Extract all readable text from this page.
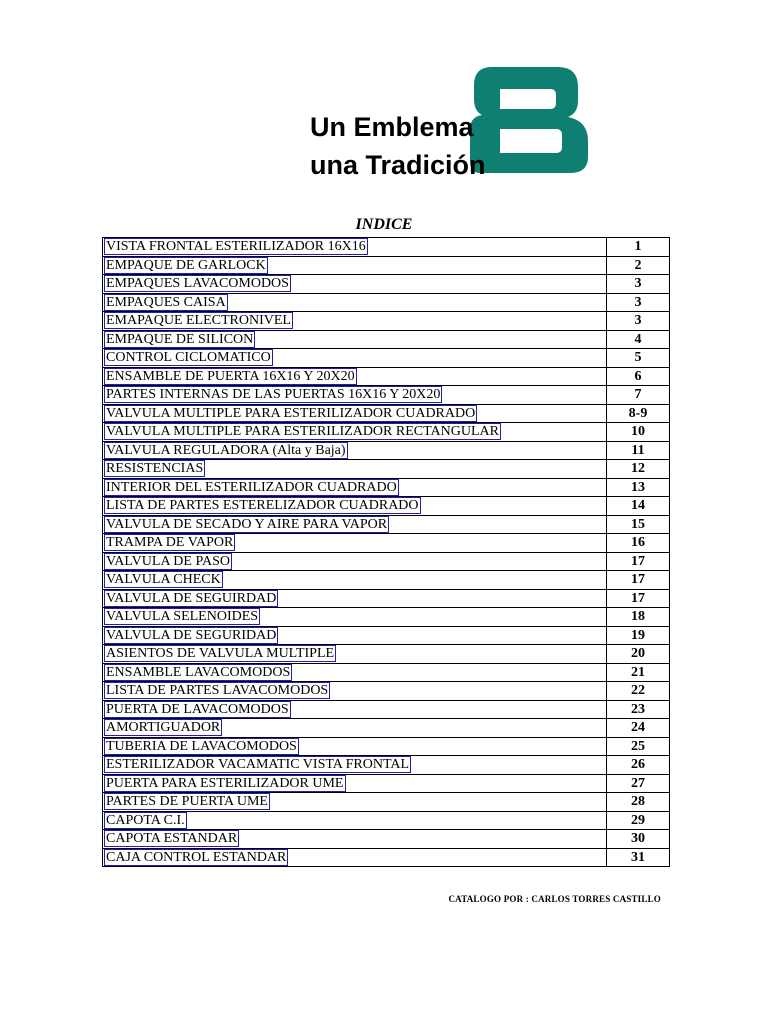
Un Emblema
una Tradición
INDICE
VISTA FRONTAL ESTERILIZADOR 16X16	1
EMPAQUE DE GARLOCK	2
EMPAQUES LAVACOMODOS	3
EMPAQUES CAISA	3
EMAPAQUE ELECTRONIVEL	3
EMPAQUE DE SILICON	4
CONTROL CICLOMATICO	5
ENSAMBLE DE PUERTA 16X16 Y 20X20	6
PARTES INTERNAS DE LAS PUERTAS 16X16 Y 20X20	7
VALVULA MULTIPLE PARA ESTERILIZADOR CUADRADO	8-9
VALVULA MULTIPLE PARA ESTERILIZADOR RECTANGULAR	10
VALVULA REGULADORA (Alta y Baja)	11
RESISTENCIAS	12
INTERIOR DEL ESTERILIZADOR CUADRADO	13
LISTA DE PARTES ESTERELIZADOR CUADRADO	14
VALVULA DE SECADO Y AIRE PARA VAPOR	15
TRAMPA DE VAPOR	16
VALVULA DE PASO	17
VALVULA CHECK	17
VALVULA DE SEGUIRDAD	17
VALVULA SELENOIDES	18
VALVULA DE SEGURIDAD	19
ASIENTOS DE VALVULA MULTIPLE	20
ENSAMBLE LAVACOMODOS	21
LISTA DE PARTES LAVACOMODOS	22
PUERTA DE LAVACOMODOS	23
AMORTIGUADOR	24
TUBERIA DE LAVACOMODOS	25
ESTERILIZADOR VACAMATIC VISTA FRONTAL	26
PUERTA PARA ESTERILIZADOR UME	27
PARTES DE PUERTA UME	28
CAPOTA C.I.	29
CAPOTA ESTANDAR	30
CAJA CONTROL ESTANDAR	31
CATALOGO POR : CARLOS TORRES CASTILLO
